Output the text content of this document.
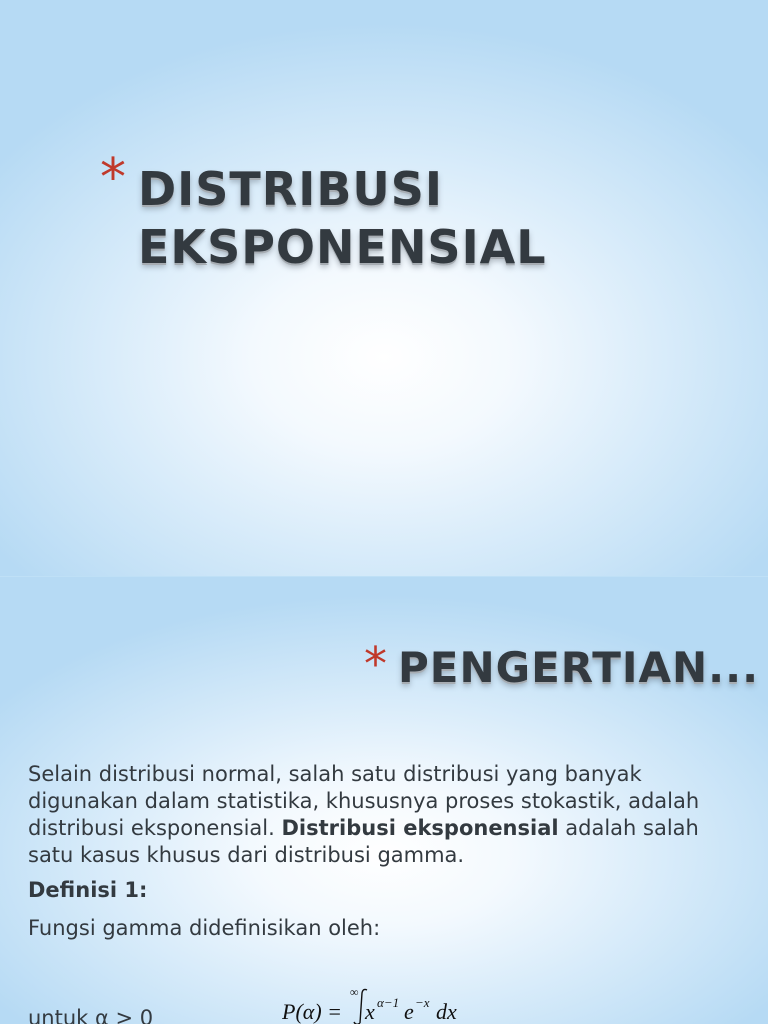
* DISTRIBUSI
EKSPONENSIAL
* PENGERTIAN...

Selain distribusi normal, salah satu distribusi yang banyak digunakan dalam statistika, khususnya proses stokastik, adalah distribusi eksponensial. Distribusi eksponensial adalah salah satu kasus khusus dari distribusi gamma.

Definisi 1:

Fungsi gamma didefinisikan oleh:

P(α) =
∞
x α−1 e −x dx

untuk α > 0
